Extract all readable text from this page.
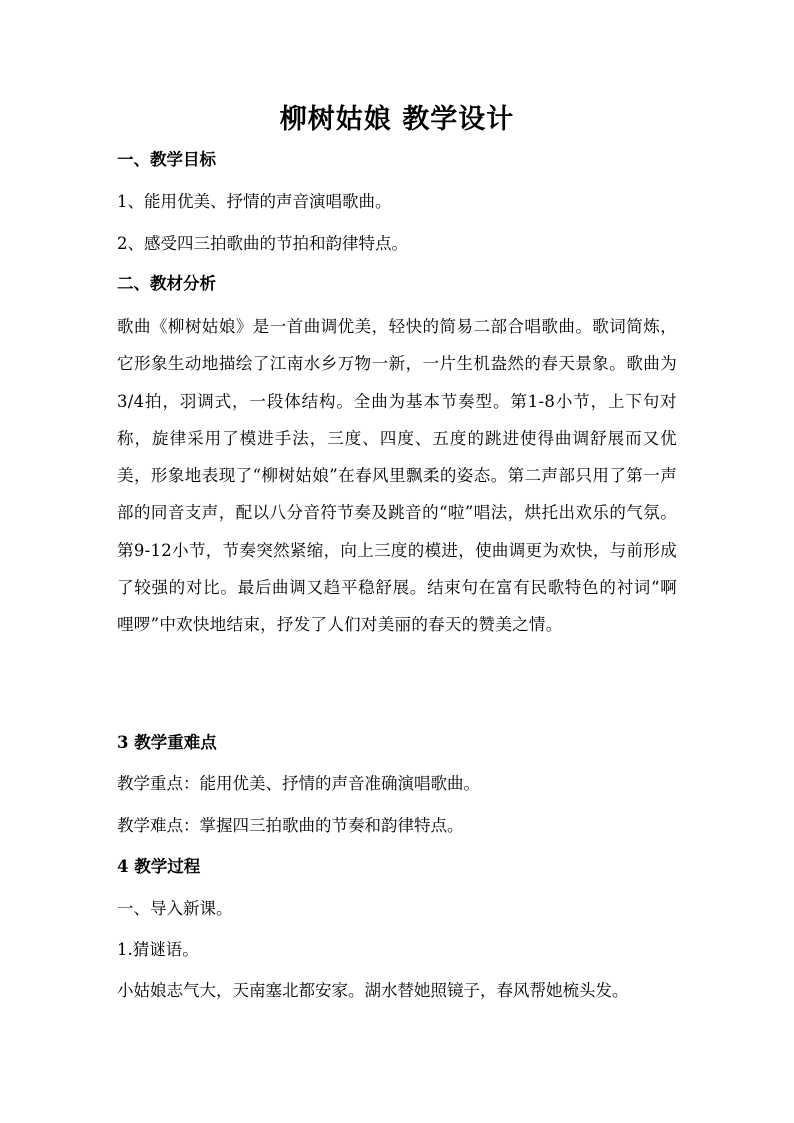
柳树姑娘 教学设计

一、教学目标

1、能用优美、抒情的声音演唱歌曲。

2、感受四三拍歌曲的节拍和韵律特点。

二、教材分析

歌曲《柳树姑娘》是一首曲调优美，轻快的简易二部合唱歌曲。歌词简炼，它形象生动地描绘了江南水乡万物一新，一片生机盎然的春天景象。歌曲为3/4拍，羽调式，一段体结构。全曲为基本节奏型。第1-8小节，上下句对称，旋律采用了模进手法，三度、四度、五度的跳进使得曲调舒展而又优美，形象地表现了“柳树姑娘”在春风里飘柔的姿态。第二声部只用了第一声部的同音支声，配以八分音符节奏及跳音的“啦”唱法，烘托出欢乐的气氛。第9-12小节，节奏突然紧缩，向上三度的模进，使曲调更为欢快，与前形成了较强的对比。最后曲调又趋平稳舒展。结束句在富有民歌特色的衬词“啊哩啰”中欢快地结束，抒发了人们对美丽的春天的赞美之情。

3 教学重难点

教学重点：能用优美、抒情的声音准确演唱歌曲。

教学难点：掌握四三拍歌曲的节奏和韵律特点。

4 教学过程

一、导入新课。

1.猜谜语。

小姑娘志气大，天南塞北都安家。湖水替她照镜子，春风帮她梳头发。
